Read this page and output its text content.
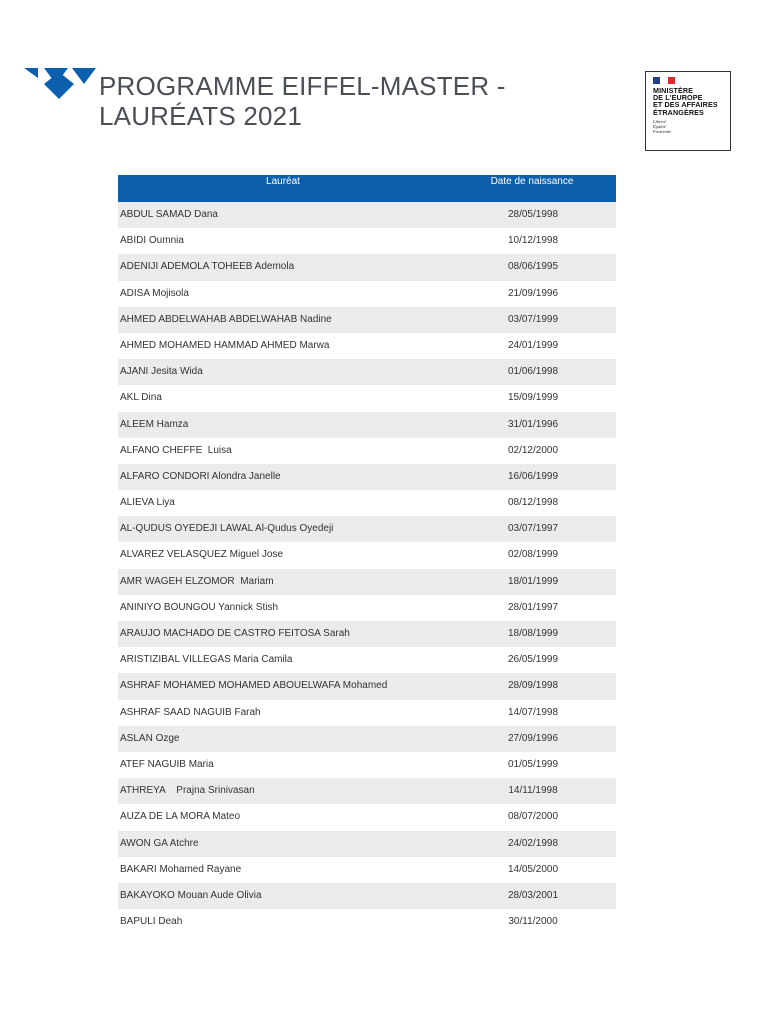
PROGRAMME EIFFEL-MASTER -
LAURÉATS 2021
MINISTÈRE
DE L'EUROPE
ET DES AFFAIRES
ÉTRANGÈRES
Liberté
Égalité
Fraternité
Lauréat	Date de naissance
ABDUL SAMAD Dana	28/05/1998
ABIDI Oumnia	10/12/1998
ADENIJI ADEMOLA TOHEEB Ademola	08/06/1995
ADISA Mojisola	21/09/1996
AHMED ABDELWAHAB ABDELWAHAB Nadine	03/07/1999
AHMED MOHAMED HAMMAD AHMED Marwa	24/01/1999
AJANI Jesita Wida	01/06/1998
AKL Dina	15/09/1999
ALEEM Hamza	31/01/1996
ALFANO CHEFFE  Luisa	02/12/2000
ALFARO CONDORI Alondra Janelle	16/06/1999
ALIEVA Liya	08/12/1998
AL-QUDUS OYEDEJI LAWAL Al-Qudus Oyedeji	03/07/1997
ALVAREZ VELASQUEZ Miguel Jose	02/08/1999
AMR WAGEH ELZOMOR  Mariam	18/01/1999
ANINIYO BOUNGOU Yannick Stish	28/01/1997
ARAUJO MACHADO DE CASTRO FEITOSA Sarah	18/08/1999
ARISTIZIBAL VILLEGAS Maria Camila	26/05/1999
ASHRAF MOHAMED MOHAMED ABOUELWAFA Mohamed	28/09/1998
ASHRAF SAAD NAGUIB Farah	14/07/1998
ASLAN Ozge	27/09/1996
ATEF NAGUIB Maria	01/05/1999
ATHREYA    Prajna Srinivasan	14/11/1998
AUZA DE LA MORA Mateo	08/07/2000
AWON GA Atchre	24/02/1998
BAKARI Mohamed Rayane	14/05/2000
BAKAYOKO Mouan Aude Olivia	28/03/2001
BAPULI Deah	30/11/2000
